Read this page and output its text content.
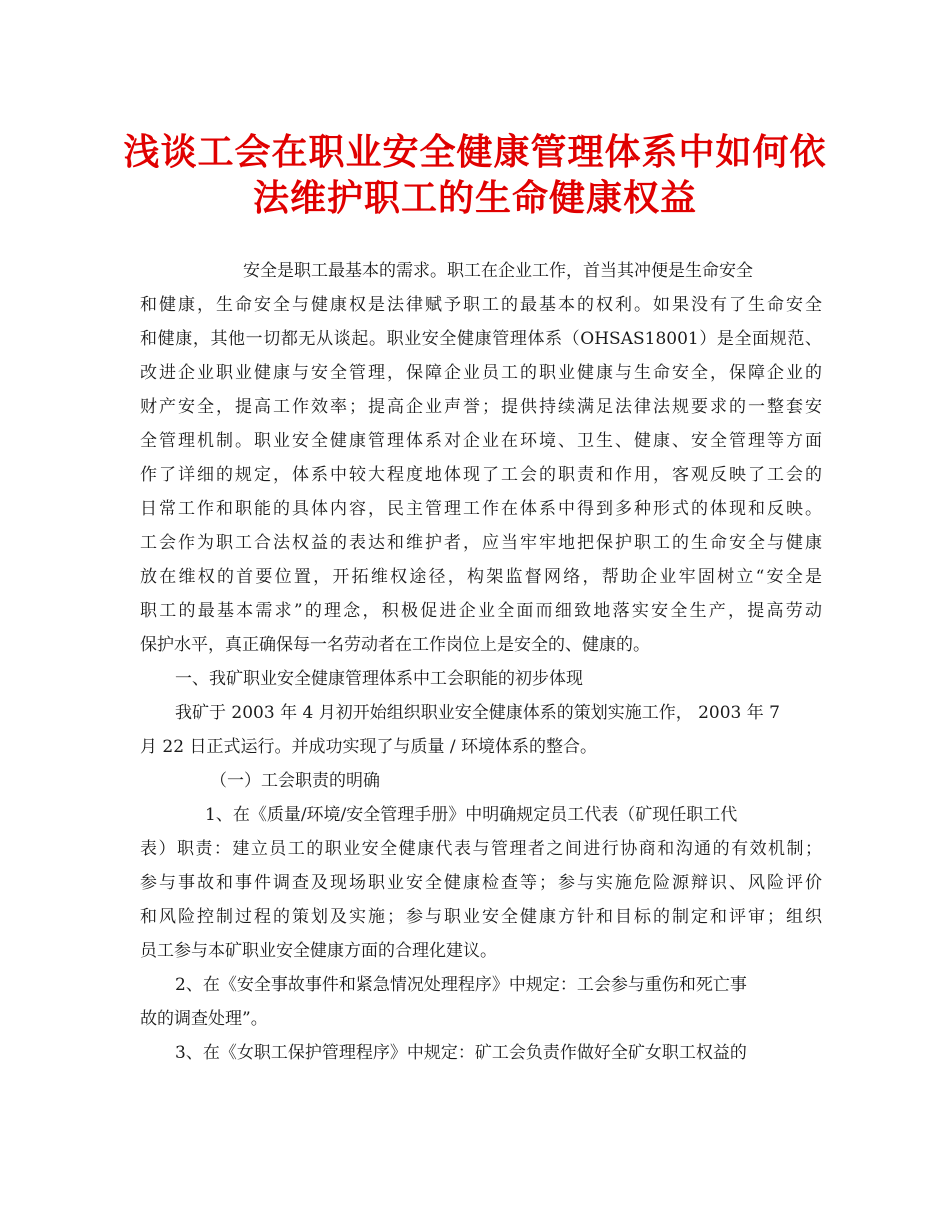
浅谈工会在职业安全健康管理体系中如何依
法维护职工的生命健康权益
安全是职工最基本的需求。职工在企业工作，首当其冲便是生命安全
和健康，生命安全与健康权是法律赋予职工的最基本的权利。如果没有了生命安全
和健康，其他一切都无从谈起。职业安全健康管理体系（OHSAS18001）是全面规范、
改进企业职业健康与安全管理，保障企业员工的职业健康与生命安全，保障企业的
财产安全，提高工作效率；提高企业声誉；提供持续满足法律法规要求的一整套安
全管理机制。职业安全健康管理体系对企业在环境、卫生、健康、安全管理等方面
作了详细的规定，体系中较大程度地体现了工会的职责和作用，客观反映了工会的
日常工作和职能的具体内容，民主管理工作在体系中得到多种形式的体现和反映。
工会作为职工合法权益的表达和维护者，应当牢牢地把保护职工的生命安全与健康
放在维权的首要位置，开拓维权途径，构架监督网络，帮助企业牢固树立“安全是
职工的最基本需求”的理念，积极促进企业全面而细致地落实安全生产，提高劳动
保护水平，真正确保每一名劳动者在工作岗位上是安全的、健康的。
一、我矿职业安全健康管理体系中工会职能的初步体现
我矿于 2003 年 4 月初开始组织职业安全健康体系的策划实施工作， 2003 年 7
月 22 日正式运行。并成功实现了与质量 / 环境体系的整合。
（一）工会职责的明确
1、在《质量/环境/安全管理手册》中明确规定员工代表（矿现任职工代
表）职责：建立员工的职业安全健康代表与管理者之间进行协商和沟通的有效机制；
参与事故和事件调查及现场职业安全健康检查等；参与实施危险源辩识、风险评价
和风险控制过程的策划及实施；参与职业安全健康方针和目标的制定和评审；组织
员工参与本矿职业安全健康方面的合理化建议。
2、在《安全事故事件和紧急情况处理程序》中规定：工会参与重伤和死亡事
故的调查处理”。
3、在《女职工保护管理程序》中规定：矿工会负责作做好全矿女职工权益的
